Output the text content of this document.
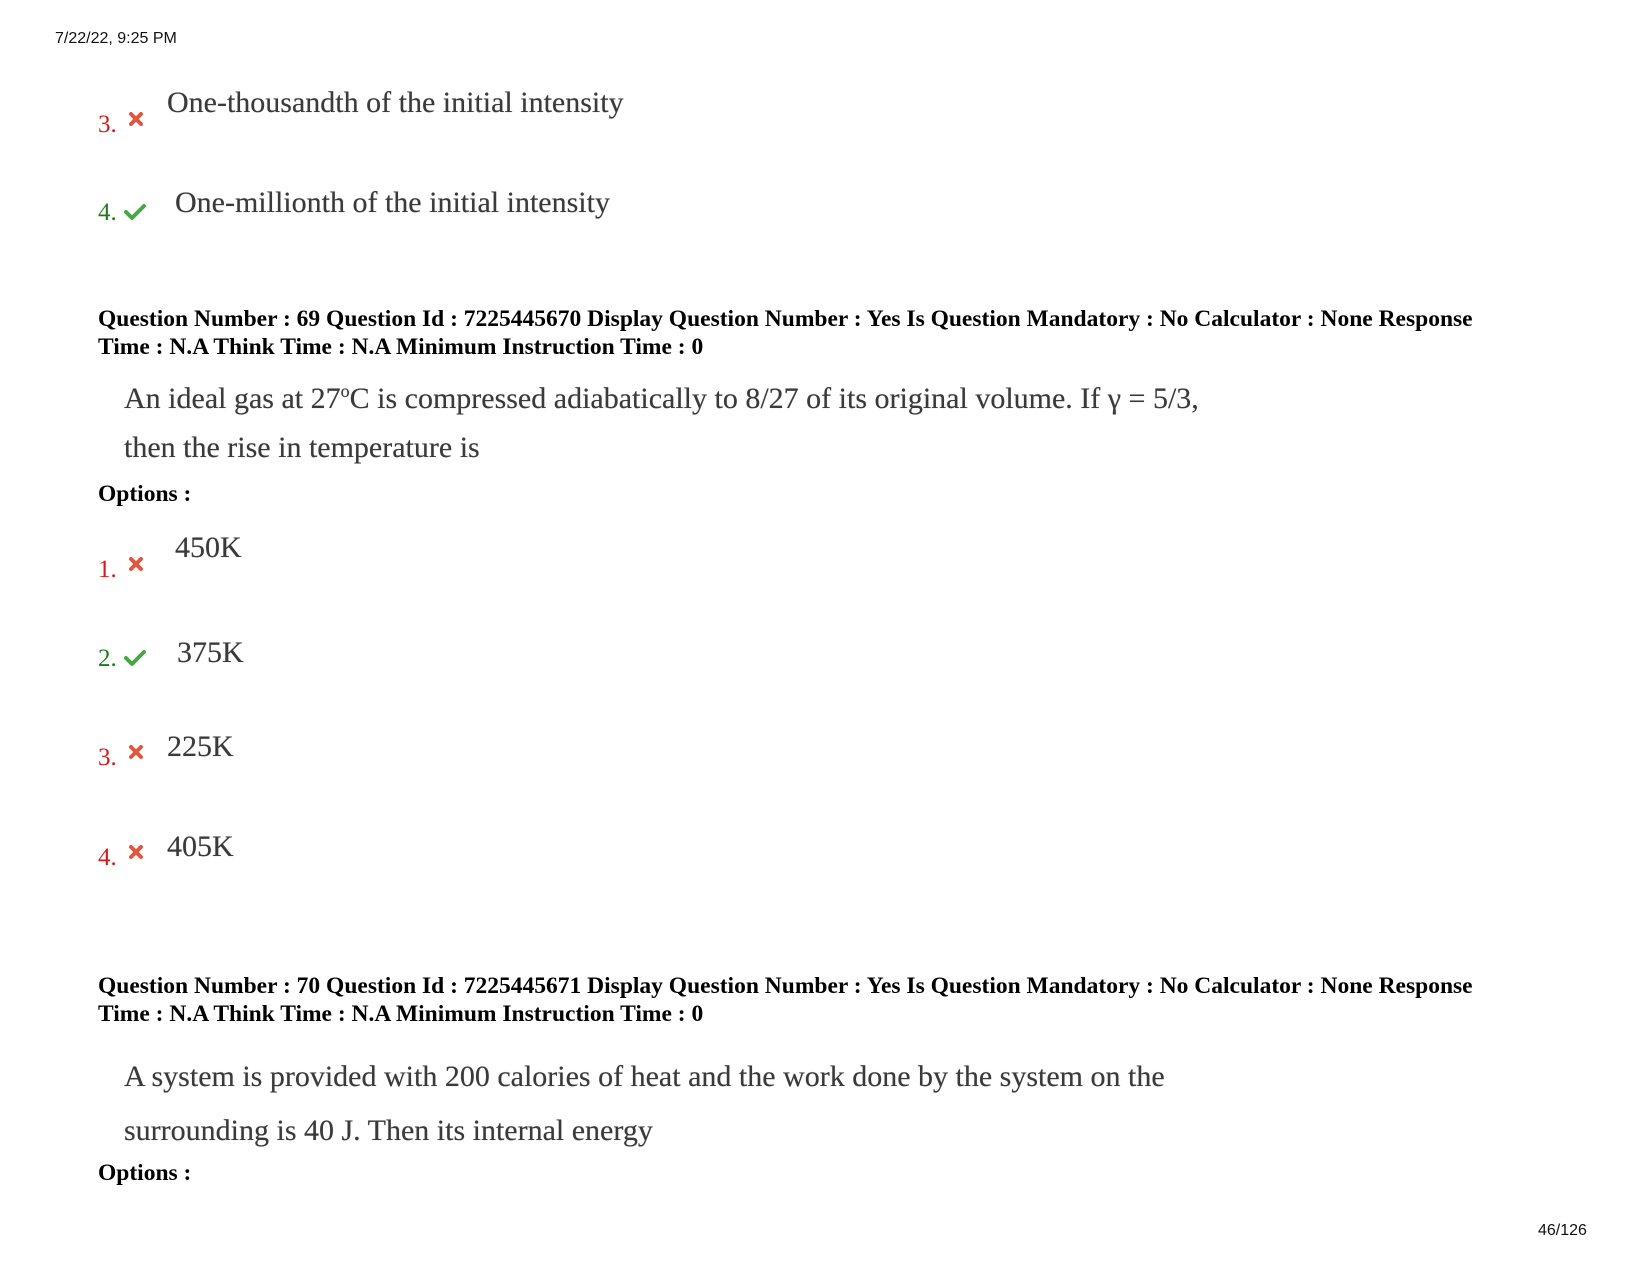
7/22/22, 9:25 PM
3.
One-thousandth of the initial intensity
4.	One-millionth of the initial intensity
Question Number : 69 Question Id : 7225445670 Display Question Number : Yes Is Question Mandatory : No Calculator : None Response
Time : N.A Think Time : N.A Minimum Instruction Time : 0
An ideal gas at 27$^o$C is compressed adiabatically to 8/27 of its original volume. If γ = 5/3,
then the rise in temperature is
Options :
1.
450K
2.	375K
3.	225K
4.	405K
Question Number : 70 Question Id : 7225445671 Display Question Number : Yes Is Question Mandatory : No Calculator : None Response
Time : N.A Think Time : N.A Minimum Instruction Time : 0
A system is provided with 200 calories of heat and the work done by the system on the
surrounding is 40 J. Then its internal energy
Options :
46/126
